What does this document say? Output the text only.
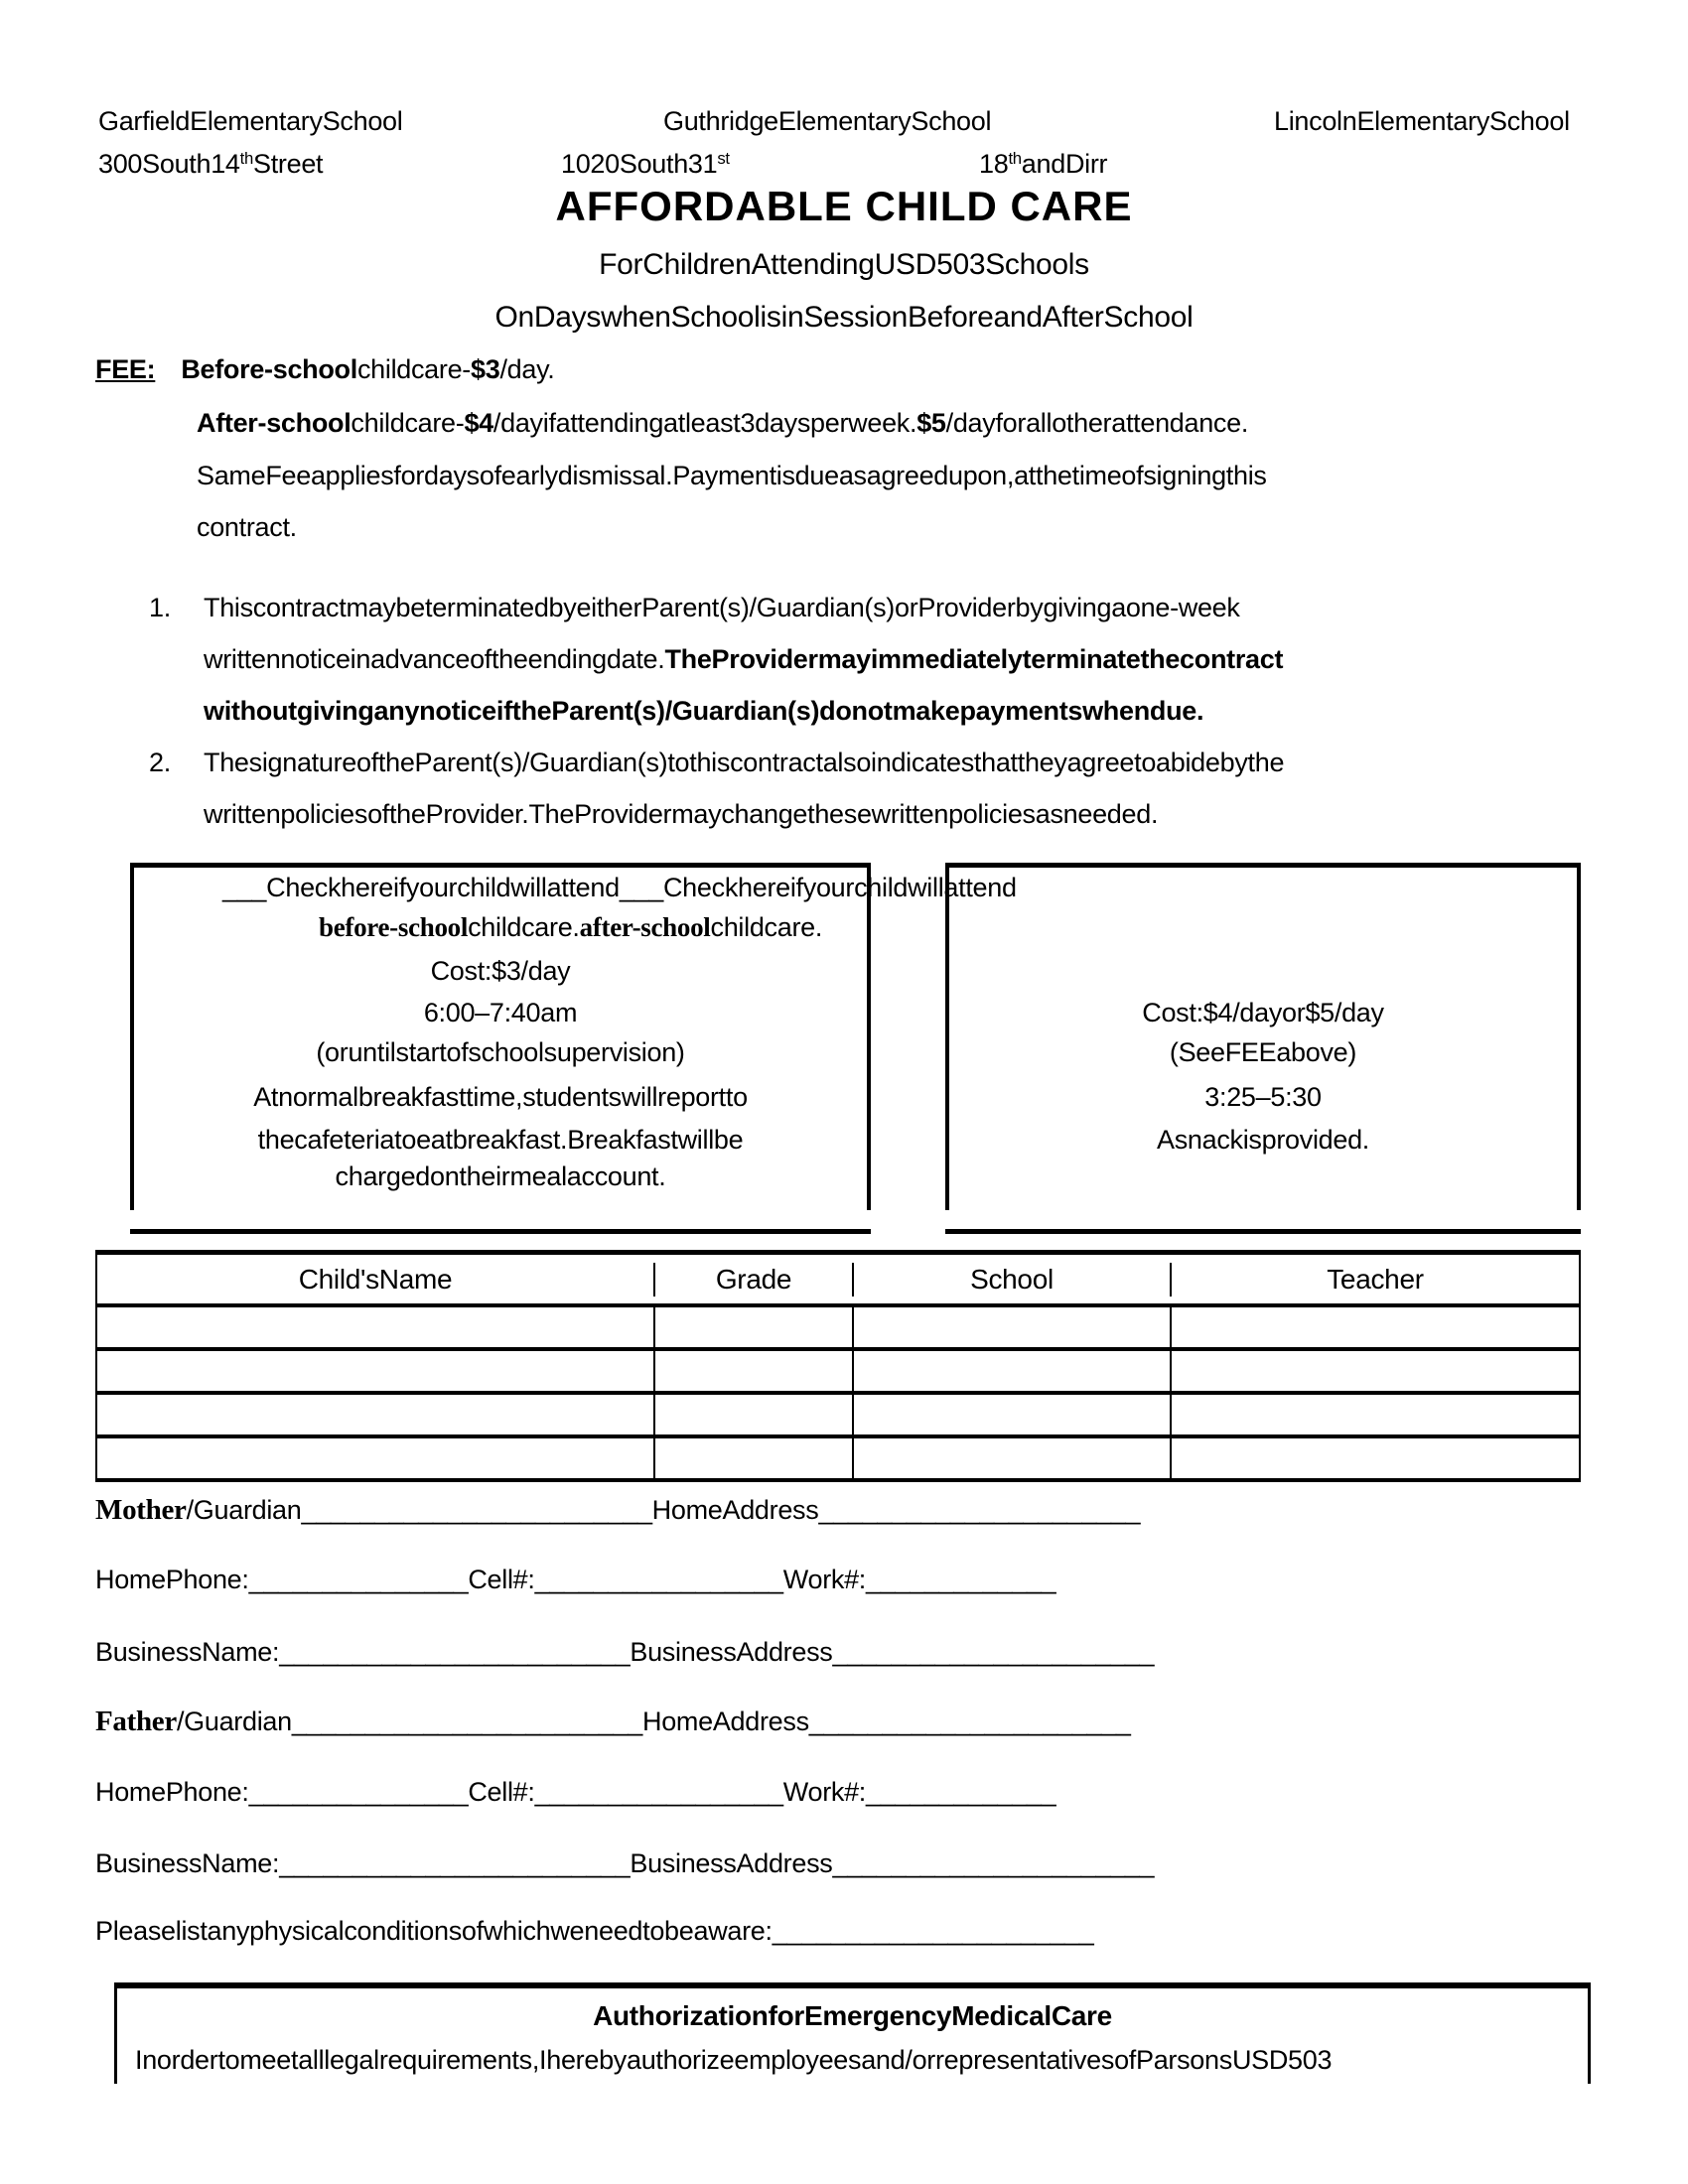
GarfieldElementarySchool	GuthridgeElementarySchool	LincolnElementarySchool
300South14thStreet	1020South31st	18thandDirr
AFFORDABLE CHILD CARE
ForChildrenAttendingUSD503Schools
OnDayswhenSchoolisinSessionBeforeandAfterSchool
FEE: Before-schoolchildcare-$3/day.
After-schoolchildcare-$4/dayifattendingatleast3daysperweek.$5/dayforallotherattendance.
SameFeeappliesfordaysofearlydismissal.Paymentisdueasagreedupon,atthetimeofsigningthis
contract.
1. ThiscontractmaybeterminatedbyeitherParent(s)/Guardian(s)orProviderbygivingaone-week
writtennoticeinadvanceoftheendingdate.TheProvidermayimmediatelyterminatethecontract
withoutgivinganynoticeiftheParent(s)/Guardian(s)donotmakepaymentswhendue.
2. ThesignatureoftheParent(s)/Guardian(s)tothiscontractalsoindicatesthattheyagreetoabidebythe
writtenpoliciesoftheProvider.TheProvidermaychangethesewrittenpoliciesasneeded.
___Checkhereifyourchildwillattend___Checkhereifyourchildwillattend
before-schoolchildcare.after-schoolchildcare.
Cost:$3/day
6:00–7:40am
(oruntilstartofschoolsupervision)
Atnormalbreakfasttime,studentswillreportto
thecafeteriatoeatbreakfast.Breakfastwillbe
chargedontheirmealaccount.
Cost:$4/dayor$5/day
(SeeFEEabove)
3:25–5:30
Asnackisprovided.
Child'sName	Grade	School	Teacher
Mother/Guardian________________________HomeAddress______________________
HomePhone:_______________Cell#:_________________Work#:_____________
BusinessName:________________________BusinessAddress______________________
Father/Guardian________________________HomeAddress______________________
HomePhone:_______________Cell#:_________________Work#:_____________
BusinessName:________________________BusinessAddress______________________
Pleaselistanyphysicalconditionsofwhichweneedtobeaware:______________________
AuthorizationforEmergencyMedicalCare
Inordertomeetalllegalrequirements,Iherebyauthorizeemployeesand/orrepresentativesofParsonsUSD503
